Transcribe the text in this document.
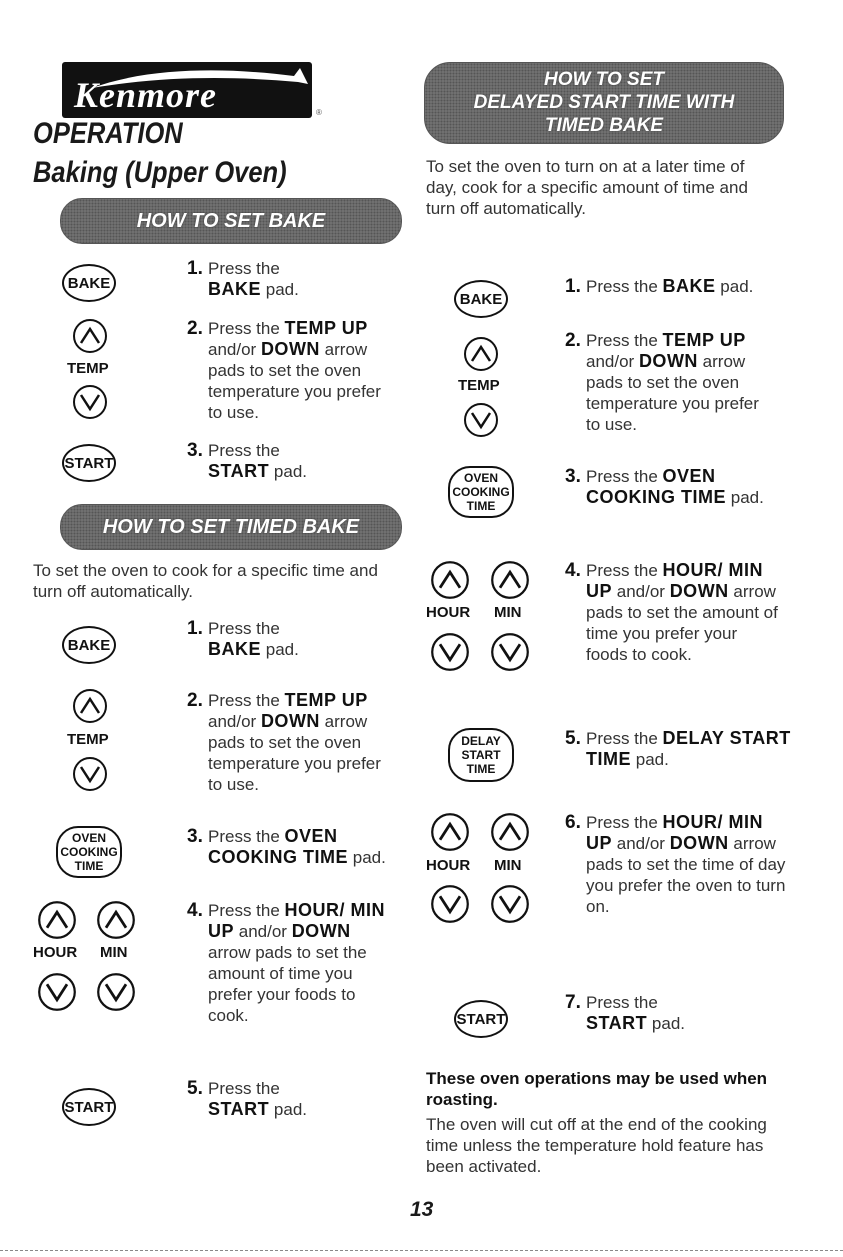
Kenmore	®
OPERATION
Baking (Upper Oven)
HOW TO SET BAKE
BAKE
1. Press the
BAKE pad.
TEMP
2. Press the TEMP UP and/or DOWN arrow pads to set the oven temperature you prefer to use.
START
3. Press the
START pad.
HOW TO SET TIMED BAKE
To set the oven to cook for a specific time and turn off automatically.
BAKE
1. Press the
BAKE pad.
TEMP
2. Press the TEMP UP and/or DOWN arrow pads to set the oven temperature you prefer to use.
OVEN
COOKING
TIME
3. Press the OVEN COOKING TIME pad.
HOUR MIN
4. Press the HOUR/ MIN UP and/or DOWN arrow pads to set the amount of time you prefer your foods to cook.
START
5. Press the
START pad.
HOW TO SET
DELAYED START TIME WITH
TIMED BAKE
To set the oven to turn on at a later time of day, cook for a specific amount of time and turn off automatically.
BAKE
1. Press the BAKE pad.
TEMP
2. Press the TEMP UP and/or DOWN arrow pads to set the oven temperature you prefer to use.
OVEN
COOKING
TIME
3. Press the OVEN COOKING TIME pad.
HOUR MIN
4. Press the HOUR/ MIN UP and/or DOWN arrow pads to set the amount of time you prefer your foods to cook.
DELAY
START
TIME
5. Press the DELAY START TIME pad.
HOUR MIN
6. Press the HOUR/ MIN UP and/or DOWN arrow pads to set the time of day you prefer the oven to turn on.
START
7. Press the
START pad.
These oven operations may be used when roasting.
The oven will cut off at the end of the cooking time unless the temperature hold feature has been activated.
13
